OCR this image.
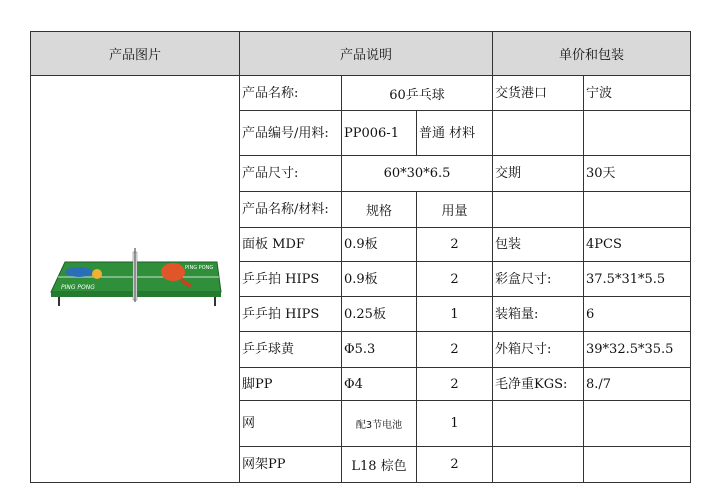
产品图片	产品说明			单价和包装	

PING PONG
PING PONG	产品名称:	60乒乓球		交货港口	宁波
	产品编号/用料:	PP006-1	普通 材料		
	产品尺寸:	60*30*6.5		交期	30天
	产品名称/材料:	规格	用量		
	面板 MDF	0.9板	2	包装	4PCS
	乒乒拍 HIPS	0.9板	2	彩盒尺寸:	37.5*31*5.5
	乒乒拍 HIPS	0.25板	1	装箱量:	6
	乒乒球黄	Φ5.3	2	外箱尺寸:	39*32.5*35.5
	脚PP	Φ4	2	毛净重KGS:	8./7
	网	配3节电池	1		
	网架PP	L18 棕色	2		
